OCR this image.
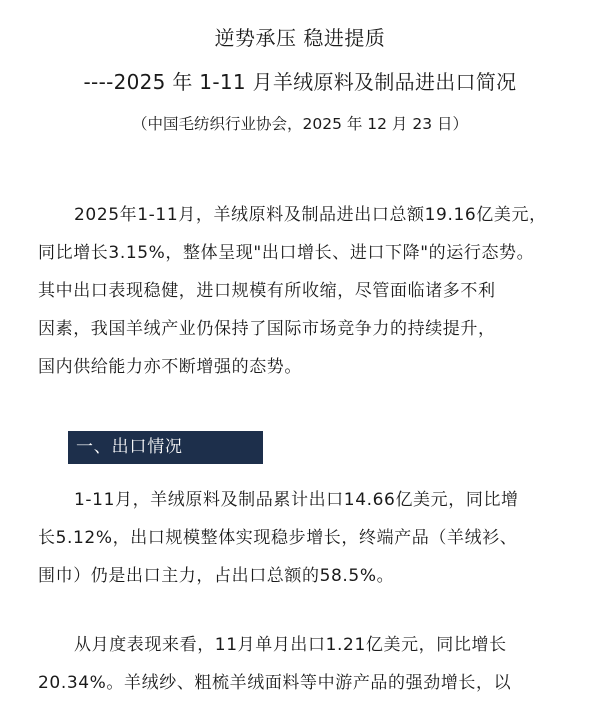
逆势承压 稳进提质
----2025 年 1-11 月羊绒原料及制品进出口简况
（中国毛纺织行业协会，2025 年 12 月 23 日）
2025年1-11月，羊绒原料及制品进出口总额19.16亿美元，
同比增长3.15%，整体呈现"出口增长、进口下降"的运行态势。
其中出口表现稳健，进口规模有所收缩，尽管面临诸多不利
因素，我国羊绒产业仍保持了国际市场竞争力的持续提升，
国内供给能力亦不断增强的态势。
一、出口情况
1-11月，羊绒原料及制品累计出口14.66亿美元，同比增
长5.12%，出口规模整体实现稳步增长，终端产品（羊绒衫、
围巾）仍是出口主力，占出口总额的58.5%。
从月度表现来看，11月单月出口1.21亿美元，同比增长
20.34%。羊绒纱、粗梳羊绒面料等中游产品的强劲增长，以
